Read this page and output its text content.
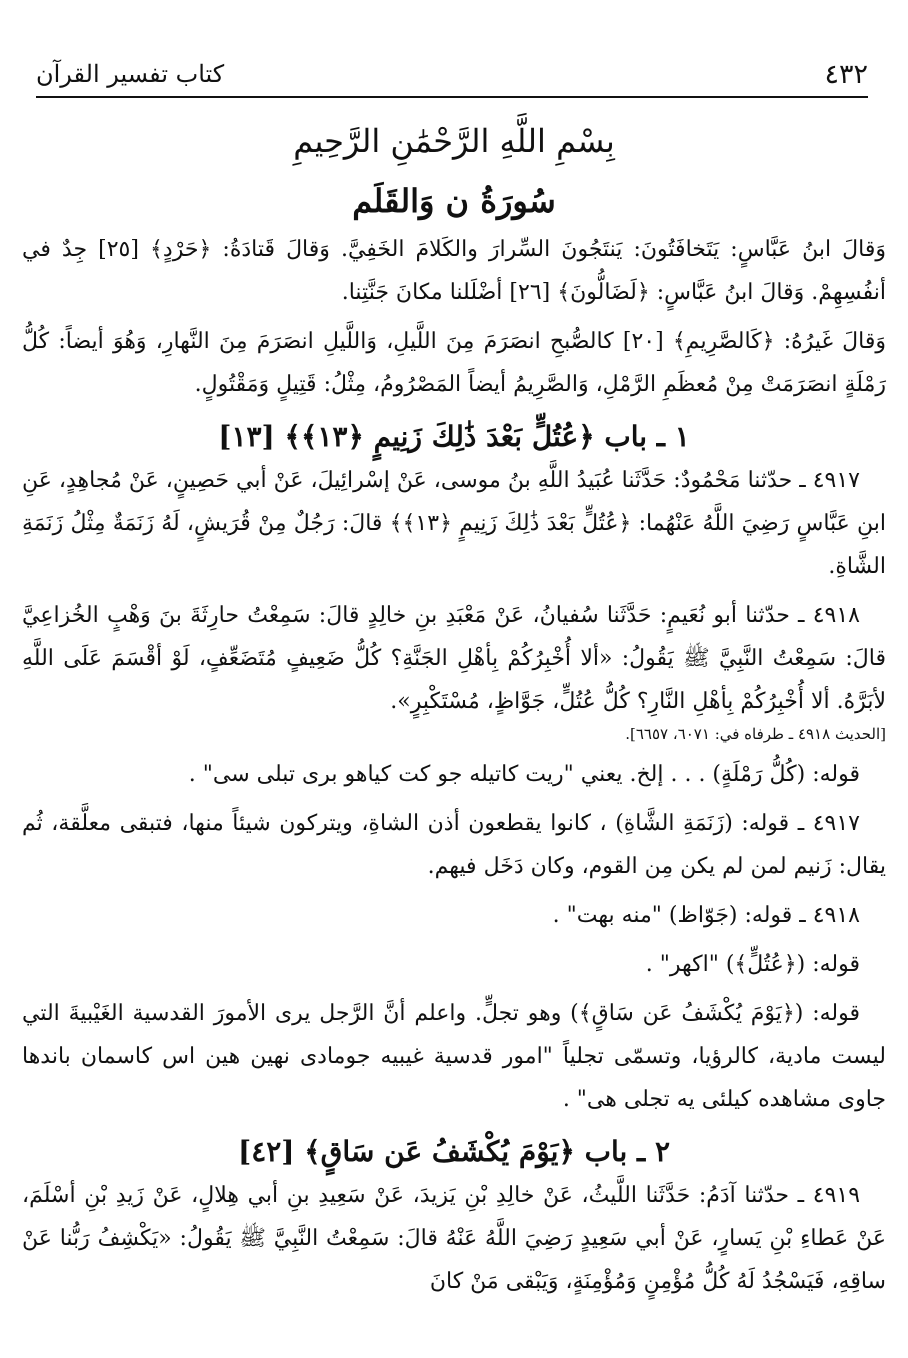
٤٣٢
كتاب تفسير القرآن
بِسْمِ اللَّهِ الرَّحْمَٰنِ الرَّحِيمِ
سُورَةُ ن وَالقَلَم

وَقالَ ابنُ عَبَّاسٍ: يَتَخافَتُونَ: يَنتَجُونَ السِّرارَ والكَلامَ الخَفِيَّ. وَقالَ قَتادَةُ: ﴿حَرْدٍ﴾ [٢٥] جِدٌ في أنفُسِهِمْ. وَقالَ ابنُ عَبَّاسٍ: ﴿لَضَالُّونَ﴾ [٢٦] أضْلَلنا مكانَ جَنَّتِنا.

وَقالَ غَيرُهُ: ﴿كَالصَّرِيمِ﴾ [٢٠] كالصُّبحِ انصَرَمَ مِنَ اللَّيلِ، وَاللَّيلِ انصَرَمَ مِنَ النَّهارِ، وَهُوَ أيضاً: كُلُّ رَمْلَةٍ انصَرَمَتْ مِنْ مُعظَمِ الرَّمْلِ، وَالصَّرِيمُ أيضاً المَصْرُومُ، مِثْلُ: قَتِيلٍ وَمَقْتُولٍ.

١ ـ باب ﴿عُتُلٍّ بَعْدَ ذَٰلِكَ زَنِيمٍ ﴿١٣﴾﴾ [١٣]

٤٩١٧ ـ حدّثنا مَحْمُودٌ: حَدَّثَنا عُبَيدُ اللَّهِ بنُ موسى، عَنْ إسْرائِيلَ، عَنْ أبي حَصِينٍ، عَنْ مُجاهِدٍ، عَنِ ابنِ عَبَّاسٍ رَضِيَ اللَّهُ عَنْهُما: ﴿عُتُلٍّ بَعْدَ ذَٰلِكَ زَنِيمٍ ﴿١٣﴾﴾ قالَ: رَجُلٌ مِنْ قُرَيشٍ، لَهُ زَنَمَةٌ مِثْلُ زَنَمَةِ الشَّاةِ.

٤٩١٨ ـ حدّثنا أبو نُعَيمٍ: حَدَّثَنا سُفيانُ، عَنْ مَعْبَدِ بنِ خالِدٍ قالَ: سَمِعْتُ حارِثَةَ بنَ وَهْبٍ الخُزاعِيَّ قالَ: سَمِعْتُ النَّبِيَّ ﷺ يَقُولُ: «ألا أُخْبِرُكُمْ بِأهْلِ الجَنَّةِ؟ كُلُّ ضَعِيفٍ مُتَضَعِّفٍ، لَوْ أقْسَمَ عَلَى اللَّهِ لأبَرَّهُ. ألا أُخْبِرُكُمْ بِأهْلِ النَّارِ؟ كُلُّ عُتُلٍّ، جَوَّاظٍ، مُسْتَكْبِرٍ».

[الحديث ٤٩١٨ ـ طرفاه في: ٦٠٧١، ٦٦٥٧].

قوله: (كُلُّ رَمْلَةٍ) . . . إلخ. يعني "ريت كاتيله جو كت كياهو برى تبلى سى" .

٤٩١٧ ـ قوله: (زَنَمَةِ الشَّاةِ) ، كانوا يقطعون أذن الشاةِ، ويتركون شيئاً منها، فتبقى معلَّقة، ثُم يقال: زَنيم لمن لم يكن مِن القوم، وكان دَخَل فيهم.

٤٩١٨ ـ قوله: (جَوّاظ) "منه بهت" .

قوله: (﴿عُتُلٍّ﴾) "اكهر" .

قوله: (﴿يَوْمَ يُكْشَفُ عَن سَاقٍ﴾) وهو تجلٍّ. واعلم أنَّ الرَّجل يرى الأمورَ القدسية الغَيْبيةَ التي ليست مادية، كالرؤيا، وتسمّى تجلياً "امور قدسية غيبيه جومادى نهين هين اس كاسمان باندها جاوى مشاهده كيلئى يه تجلى هى" .

٢ ـ باب ﴿يَوْمَ يُكْشَفُ عَن سَاقٍ﴾ [٤٢]

٤٩١٩ ـ حدّثنا آدَمُ: حَدَّثَنا اللَّيثُ، عَنْ خالِدِ بْنِ يَزيدَ، عَنْ سَعِيدِ بنِ أبي هِلالٍ، عَنْ زَيدِ بْنِ أسْلَمَ، عَنْ عَطاءِ بْنِ يَسارٍ، عَنْ أبي سَعِيدٍ رَضِيَ اللَّهُ عَنْهُ قالَ: سَمِعْتُ النَّبِيَّ ﷺ يَقُولُ: «يَكْشِفُ رَبُّنا عَنْ ساقِهِ، فَيَسْجُدُ لَهُ كُلُّ مُؤْمِنٍ وَمُؤْمِنَةٍ، وَيَبْقى مَنْ كانَ
